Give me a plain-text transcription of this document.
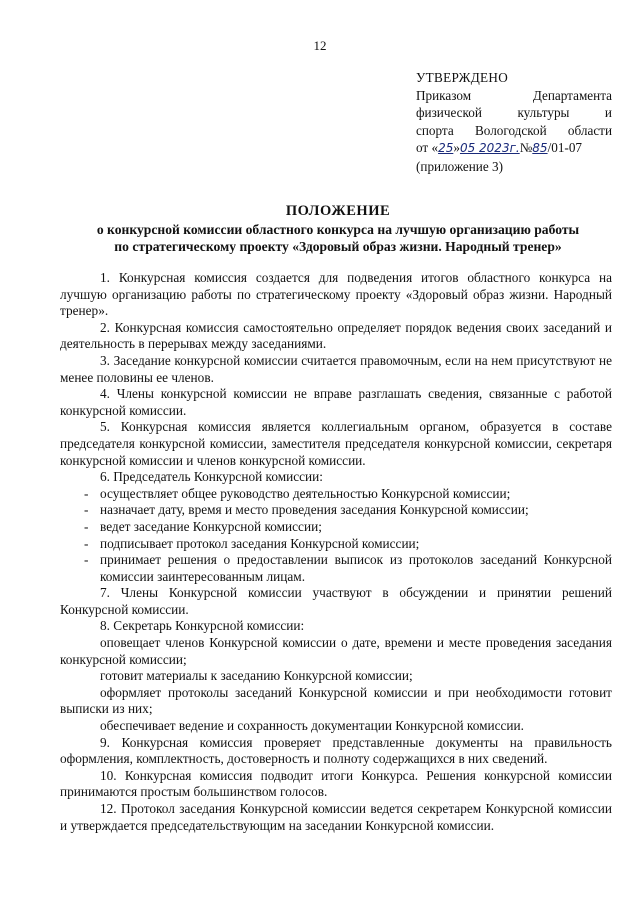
12
УТВЕРЖДЕНО
Приказом Департамента
физической культуры и
спорта Вологодской области
от «25»05 2023г.№85/01-07
(приложение 3)
ПОЛОЖЕНИЕ
о конкурсной комиссии областного конкурса на лучшую организацию работы
по стратегическому проекту «Здоровый образ жизни. Народный тренер»

1. Конкурсная комиссия создается для подведения итогов областного конкурса на лучшую организацию работы по стратегическому проекту «Здоровый образ жизни. Народный тренер».

2. Конкурсная комиссия самостоятельно определяет порядок ведения своих заседаний и деятельность в перерывах между заседаниями.

3. Заседание конкурсной комиссии считается правомочным, если на нем присутствуют не менее половины ее членов.

4. Члены конкурсной комиссии не вправе разглашать сведения, связанные с работой конкурсной комиссии.

5. Конкурсная комиссия является коллегиальным органом, образуется в составе председателя конкурсной комиссии, заместителя председателя конкурсной комиссии, секретаря конкурсной комиссии и членов конкурсной комиссии.

6. Председатель Конкурсной комиссии:

- осуществляет общее руководство деятельностью Конкурсной комиссии;
- назначает дату, время и место проведения заседания Конкурсной комиссии;
- ведет заседание Конкурсной комиссии;
- подписывает протокол заседания Конкурсной комиссии;
- принимает решения о предоставлении выписок из протоколов заседаний Конкурсной комиссии заинтересованным лицам.

7. Члены Конкурсной комиссии участвуют в обсуждении и принятии решений Конкурсной комиссии.

8. Секретарь Конкурсной комиссии:

оповещает членов Конкурсной комиссии о дате, времени и месте проведения заседания конкурсной комиссии;

готовит материалы к заседанию Конкурсной комиссии;

оформляет протоколы заседаний Конкурсной комиссии и при необходимости готовит выписки из них;

обеспечивает ведение и сохранность документации Конкурсной комиссии.

9. Конкурсная комиссия проверяет представленные документы на правильность оформления, комплектность, достоверность и полноту содержащихся в них сведений.

10. Конкурсная комиссия подводит итоги Конкурса. Решения конкурсной комиссии принимаются простым большинством голосов.

12. Протокол заседания Конкурсной комиссии ведется секретарем Конкурсной комиссии и утверждается председательствующим на заседании Конкурсной комиссии.
